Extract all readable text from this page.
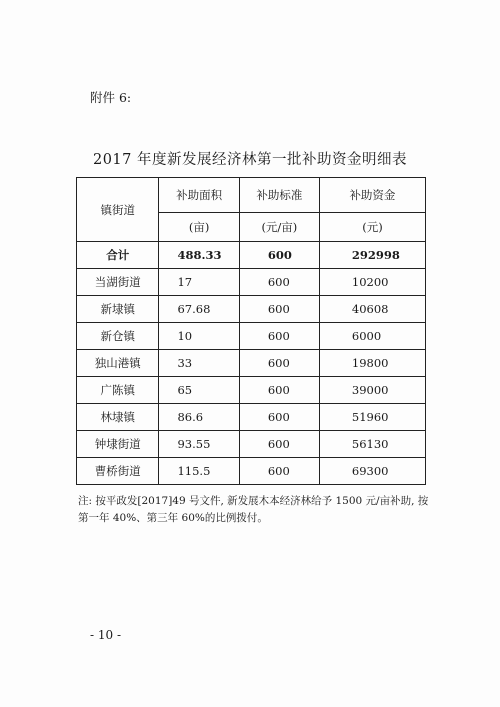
附件 6:
2017 年度新发展经济林第一批补助资金明细表
镇街道	补助面积	补助标准	补助资金
	(亩)	(元/亩)	(元)
合计	488.33	600	292998
当湖街道	17	600	10200
新埭镇	67.68	600	40608
新仓镇	10	600	6000
独山港镇	33	600	19800
广陈镇	65	600	39000
林埭镇	86.6	600	51960
钟埭街道	93.55	600	56130
曹桥街道	115.5	600	69300
注: 按平政发[2017]49 号文件, 新发展木本经济林给予 1500 元/亩补助, 按第一年 40%、第三年 60%的比例拨付。
- 10 -
